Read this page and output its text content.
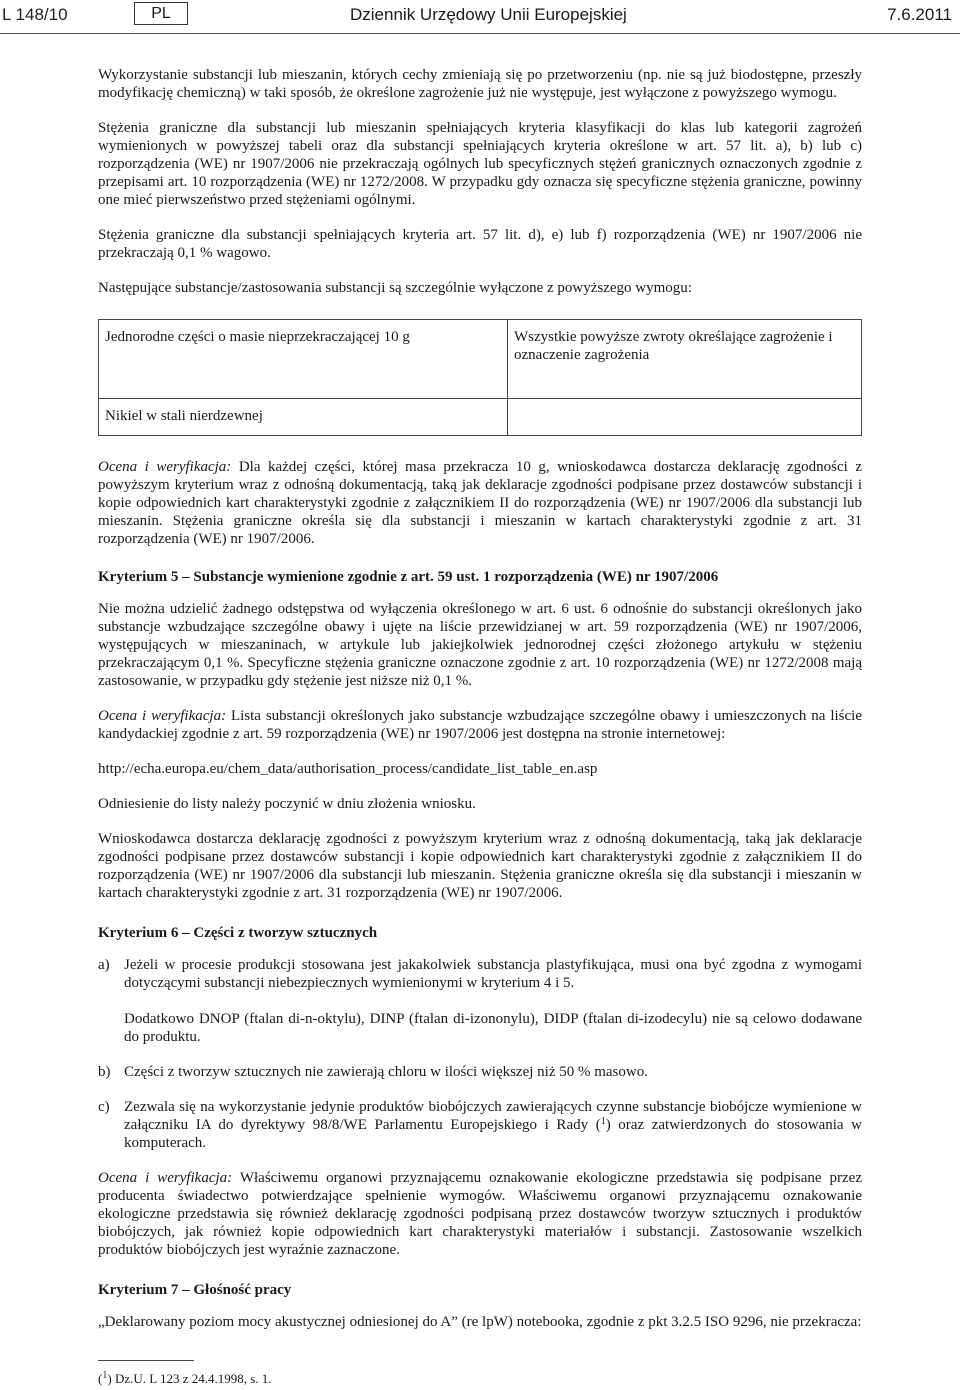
L 148/10	PL	Dziennik Urzędowy Unii Europejskiej	7.6.2011

Wykorzystanie substancji lub mieszanin, których cechy zmieniają się po przetworzeniu (np. nie są już biodostępne, przeszły modyfikację chemiczną) w taki sposób, że określone zagrożenie już nie występuje, jest wyłączone z powyższego wymogu.

Stężenia graniczne dla substancji lub mieszanin spełniających kryteria klasyfikacji do klas lub kategorii zagrożeń wymienionych w powyższej tabeli oraz dla substancji spełniających kryteria określone w art. 57 lit. a), b) lub c) rozporządzenia (WE) nr 1907/2006 nie przekraczają ogólnych lub specyficznych stężeń granicznych oznaczonych zgodnie z przepisami art. 10 rozporządzenia (WE) nr 1272/2008. W przypadku gdy oznacza się specyficzne stężenia graniczne, powinny one mieć pierwszeństwo przed stężeniami ogólnymi.

Stężenia graniczne dla substancji spełniających kryteria art. 57 lit. d), e) lub f) rozporządzenia (WE) nr 1907/2006 nie przekraczają 0,1 % wagowo.

Następujące substancje/zastosowania substancji są szczególnie wyłączone z powyższego wymogu:

Jednorodne części o masie nieprzekraczającej 10 g	Wszystkie powyższe zwroty określające zagrożenie i oznaczenie zagrożenia
Nikiel w stali nierdzewnej	

Ocena i weryfikacja: Dla każdej części, której masa przekracza 10 g, wnioskodawca dostarcza deklarację zgodności z powyższym kryterium wraz z odnośną dokumentacją, taką jak deklaracje zgodności podpisane przez dostawców substancji i kopie odpowiednich kart charakterystyki zgodnie z załącznikiem II do rozporządzenia (WE) nr 1907/2006 dla substancji lub mieszanin. Stężenia graniczne określa się dla substancji i mieszanin w kartach charakterystyki zgodnie z art. 31 rozporządzenia (WE) nr 1907/2006.

Kryterium 5 – Substancje wymienione zgodnie z art. 59 ust. 1 rozporządzenia (WE) nr 1907/2006

Nie można udzielić żadnego odstępstwa od wyłączenia określonego w art. 6 ust. 6 odnośnie do substancji określonych jako substancje wzbudzające szczególne obawy i ujęte na liście przewidzianej w art. 59 rozporządzenia (WE) nr 1907/2006, występujących w mieszaninach, w artykule lub jakiejkolwiek jednorodnej części złożonego artykułu w stężeniu przekraczającym 0,1 %. Specyficzne stężenia graniczne oznaczone zgodnie z art. 10 rozporządzenia (WE) nr 1272/2008 mają zastosowanie, w przypadku gdy stężenie jest niższe niż 0,1 %.

Ocena i weryfikacja: Lista substancji określonych jako substancje wzbudzające szczególne obawy i umieszczonych na liście kandydackiej zgodnie z art. 59 rozporządzenia (WE) nr 1907/2006 jest dostępna na stronie internetowej:

http://echa.europa.eu/chem_data/authorisation_process/candidate_list_table_en.asp

Odniesienie do listy należy poczynić w dniu złożenia wniosku.

Wnioskodawca dostarcza deklarację zgodności z powyższym kryterium wraz z odnośną dokumentacją, taką jak deklaracje zgodności podpisane przez dostawców substancji i kopie odpowiednich kart charakterystyki zgodnie z załącznikiem II do rozporządzenia (WE) nr 1907/2006 dla substancji lub mieszanin. Stężenia graniczne określa się dla substancji i mieszanin w kartach charakterystyki zgodnie z art. 31 rozporządzenia (WE) nr 1907/2006.

Kryterium 6 – Części z tworzyw sztucznych
a) Jeżeli w procesie produkcji stosowana jest jakakolwiek substancja plastyfikująca, musi ona być zgodna z wymogami dotyczącymi substancji niebezpiecznych wymienionymi w kryterium 4 i 5.

Dodatkowo DNOP (ftalan di-n-oktylu), DINP (ftalan di-izononylu), DIDP (ftalan di-izodecylu) nie są celowo dodawane do produktu.

b) Części z tworzyw sztucznych nie zawierają chloru w ilości większej niż 50 % masowo.

c) Zezwala się na wykorzystanie jedynie produktów biobójczych zawierających czynne substancje biobójcze wymienione w załączniku IA do dyrektywy 98/8/WE Parlamentu Europejskiego i Rady ($^1$) oraz zatwierdzonych do stosowania w komputerach.

Ocena i weryfikacja: Właściwemu organowi przyznającemu oznakowanie ekologiczne przedstawia się podpisane przez producenta świadectwo potwierdzające spełnienie wymogów. Właściwemu organowi przyznającemu oznakowanie ekologiczne przedstawia się również deklarację zgodności podpisaną przez dostawców tworzyw sztucznych i produktów biobójczych, jak również kopie odpowiednich kart charakterystyki materiałów i substancji. Zastosowanie wszelkich produktów biobójczych jest wyraźnie zaznaczone.

Kryterium 7 – Głośność pracy

„Deklarowany poziom mocy akustycznej odniesionej do A” (re lpW) notebooka, zgodnie z pkt 3.2.5 ISO 9296, nie przekracza:

($^1$) Dz.U. L 123 z 24.4.1998, s. 1.
